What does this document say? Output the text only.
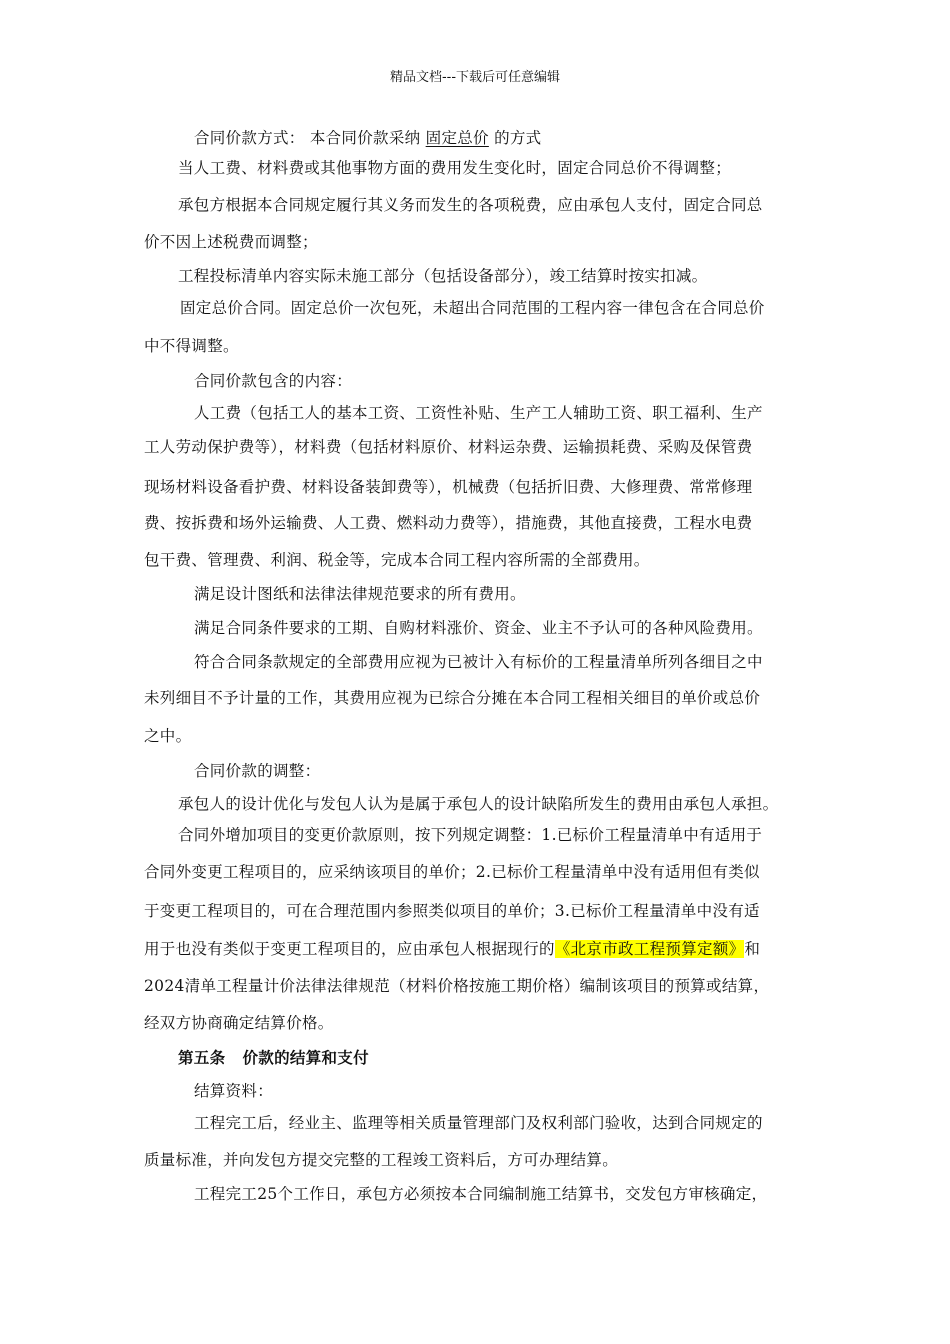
精品文档---下载后可任意编辑
合同价款方式： 本合同价款采纳 固定总价 的方式
当人工费、材料费或其他事物方面的费用发生变化时，固定合同总价不得调整；
承包方根据本合同规定履行其义务而发生的各项税费，应由承包人支付，固定合同总
价不因上述税费而调整；
工程投标清单内容实际未施工部分（包括设备部分），竣工结算时按实扣减。
固定总价合同。固定总价一次包死，未超出合同范围的工程内容一律包含在合同总价
中不得调整。
合同价款包含的内容：
人工费（包括工人的基本工资、工资性补贴、生产工人辅助工资、职工福利、生产
工人劳动保护费等），材料费（包括材料原价、材料运杂费、运输损耗费、采购及保管费
现场材料设备看护费、材料设备装卸费等），机械费（包括折旧费、大修理费、常常修理
费、按拆费和场外运输费、人工费、燃料动力费等），措施费，其他直接费，工程水电费
包干费、管理费、利润、税金等，完成本合同工程内容所需的全部费用。
满足设计图纸和法律法律规范要求的所有费用。
满足合同条件要求的工期、自购材料涨价、资金、业主不予认可的各种风险费用。
符合合同条款规定的全部费用应视为已被计入有标价的工程量清单所列各细目之中
未列细目不予计量的工作，其费用应视为已综合分摊在本合同工程相关细目的单价或总价
之中。
合同价款的调整：
承包人的设计优化与发包人认为是属于承包人的设计缺陷所发生的费用由承包人承担。
合同外增加项目的变更价款原则，按下列规定调整：1.已标价工程量清单中有适用于
合同外变更工程项目的，应采纳该项目的单价；2.已标价工程量清单中没有适用但有类似
于变更工程项目的，可在合理范围内参照类似项目的单价；3.已标价工程量清单中没有适
用于也没有类似于变更工程项目的，应由承包人根据现行的《北京市政工程预算定额》和
2024清单工程量计价法律法律规范（材料价格按施工期价格）编制该项目的预算或结算，
经双方协商确定结算价格。
第五条   价款的结算和支付
结算资料：
工程完工后，经业主、监理等相关质量管理部门及权利部门验收，达到合同规定的
质量标准，并向发包方提交完整的工程竣工资料后，方可办理结算。
工程完工25个工作日，承包方必须按本合同编制施工结算书，交发包方审核确定，
